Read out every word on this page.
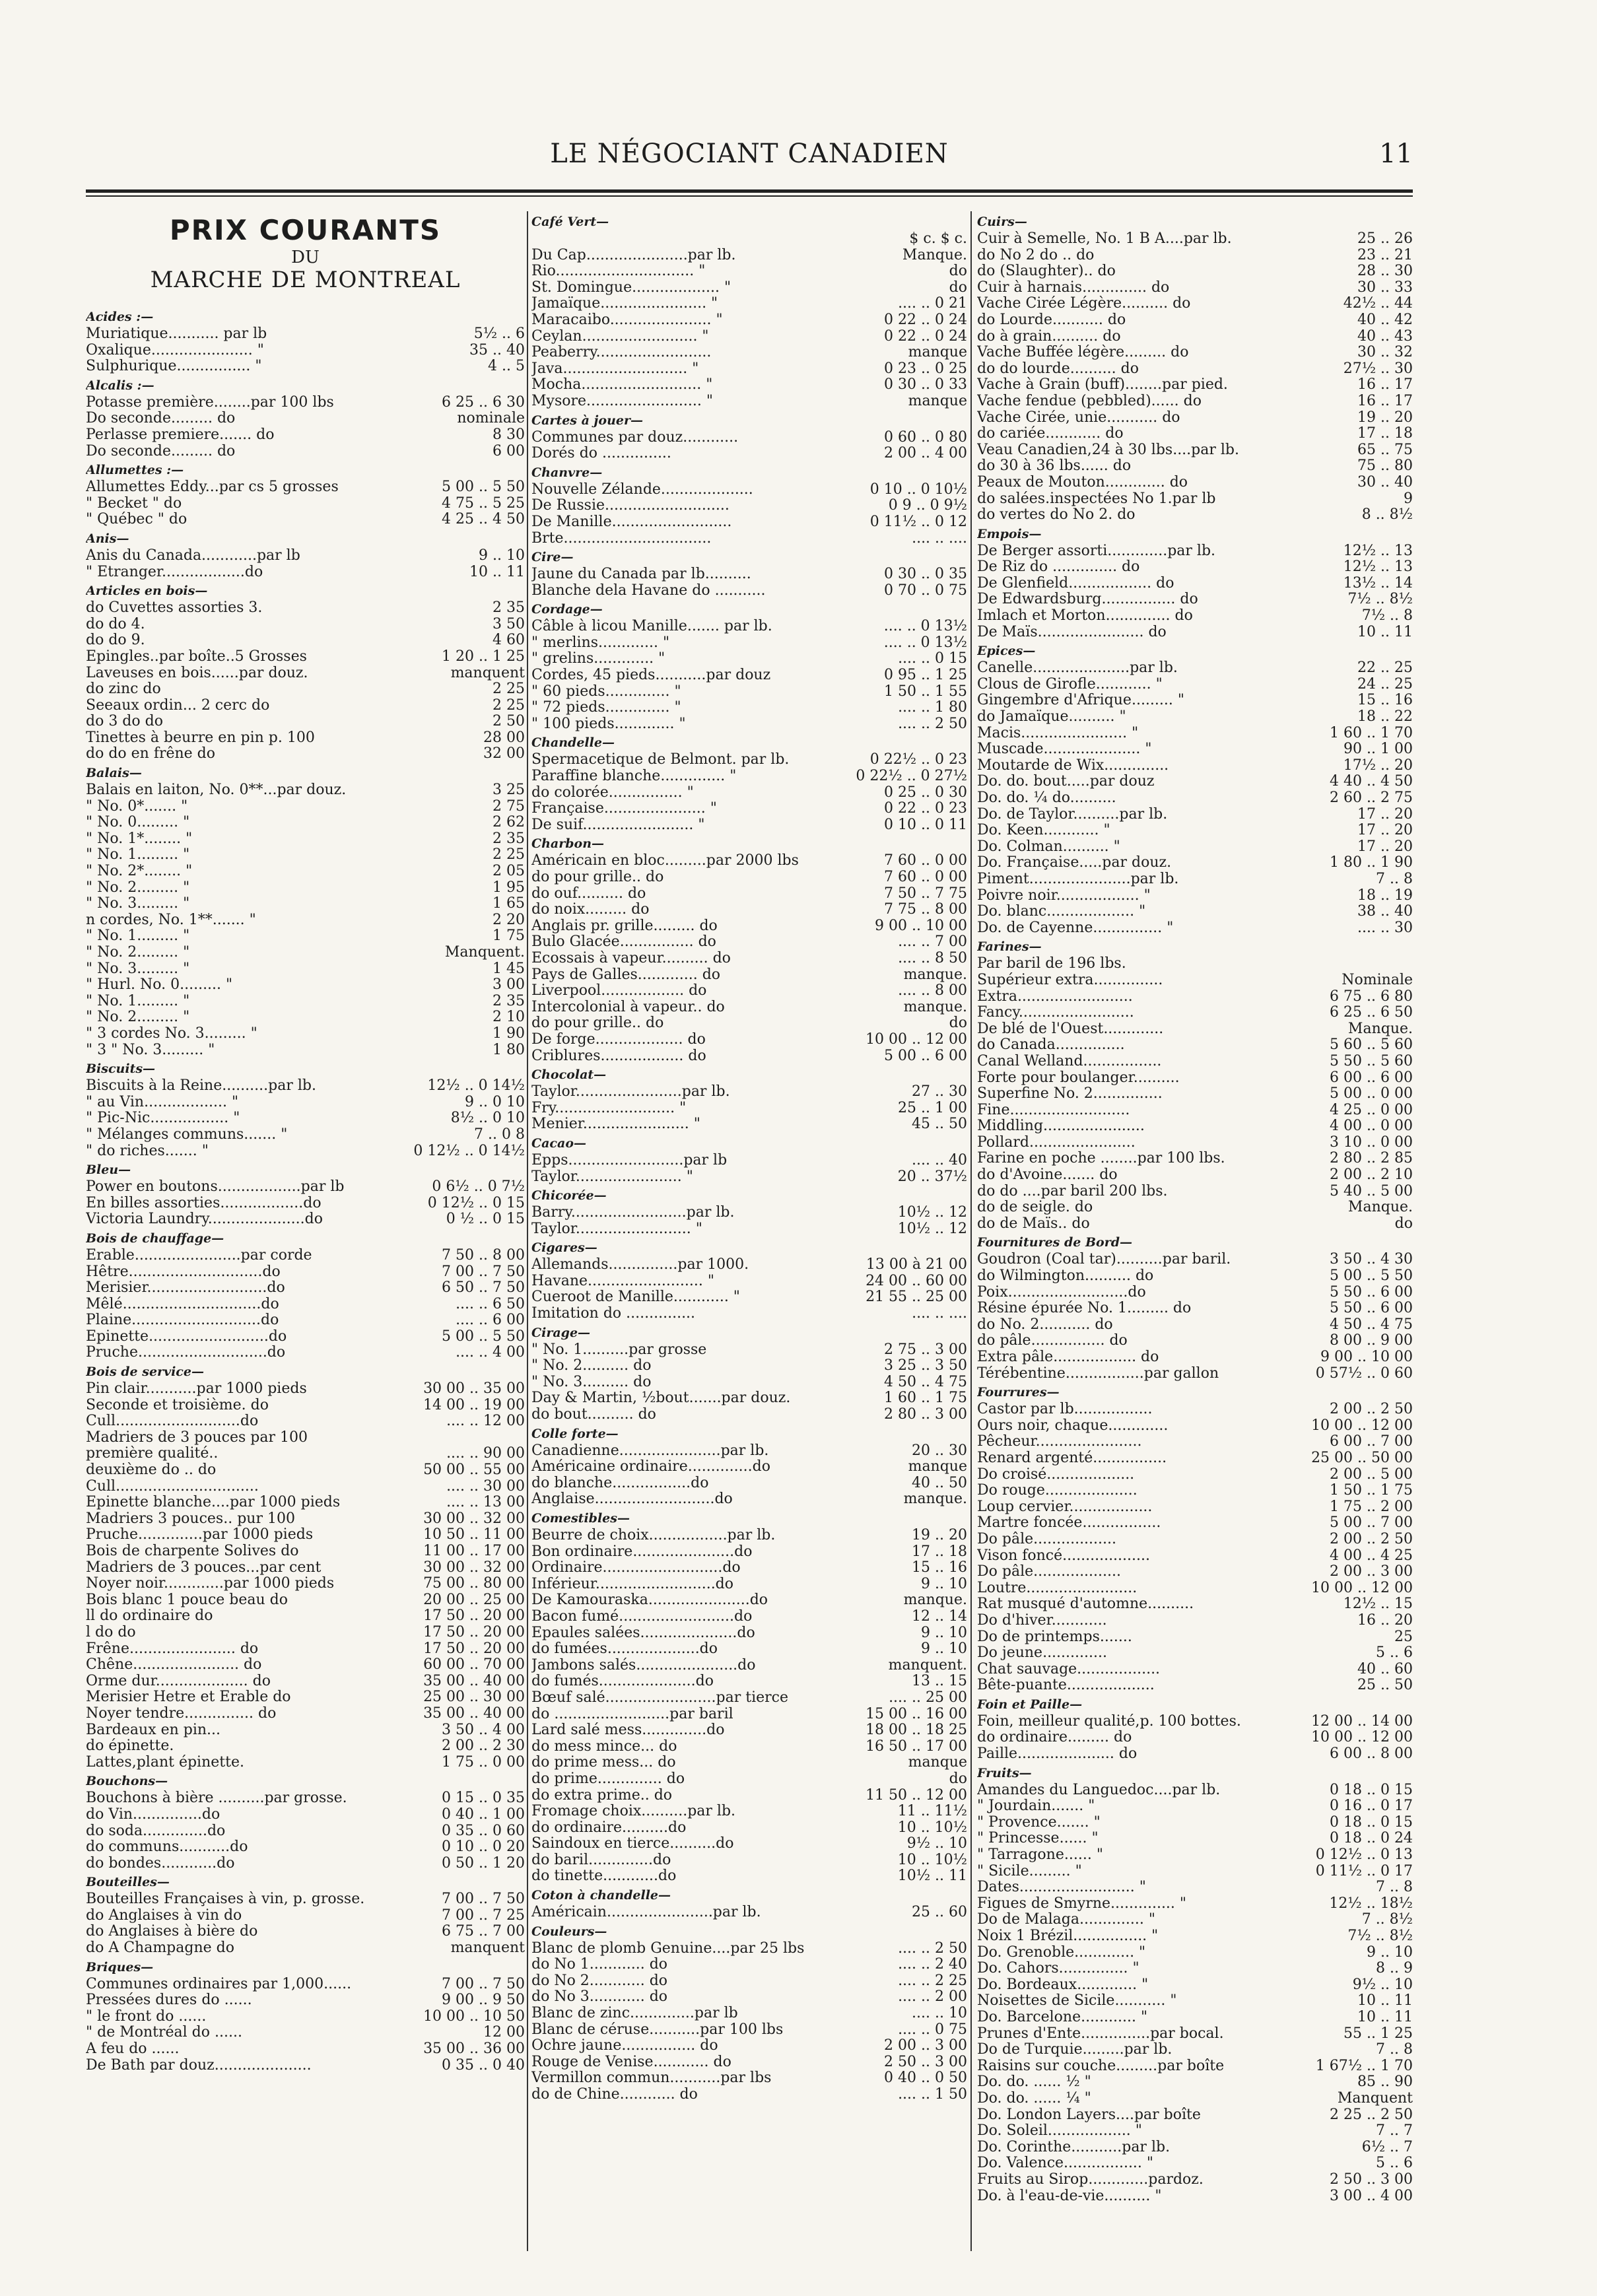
LE NÉGOCIANT CANADIEN	11
PRIX COURANTS
DU
MARCHE DE MONTREAL
Acides :—
Muriatique........... par lb	5½ .. 6
Oxalique...................... "	35 .. 40
Sulphurique................ "	4 .. 5
Alcalis :—
Potasse première........par 100 lbs	6 25 .. 6 30
Do seconde......... do	nominale
Perlasse premiere....... do	8 30
Do seconde......... do	6 00
Allumettes :—
Allumettes Eddy...par cs 5 grosses	5 00 .. 5 50
" Becket " do	4 75 .. 5 25
" Québec " do	4 25 .. 4 50
Anis—
Anis du Canada............par lb	9 .. 10
" Etranger..................do	10 .. 11
Articles en bois—
do Cuvettes assorties 3.	2 35
do do 4.	3 50
do do 9.	4 60
Epingles..par boîte..5 Grosses	1 20 .. 1 25
Laveuses en bois......par douz.	manquent
do zinc do	2 25
Seeaux ordin... 2 cerc do	2 25
do 3 do do	2 50
Tinettes à beurre en pin p. 100	28 00
do do en frêne do	32 00
Balais—
Balais en laiton, No. 0**...par douz.	3 25
" No. 0*....... "	2 75
" No. 0......... "	2 62
" No. 1*........ "	2 35
" No. 1......... "	2 25
" No. 2*........ "	2 05
" No. 2......... "	1 95
" No. 3......... "	1 65
n cordes, No. 1**....... "	2 20
" No. 1......... "	1 75
" No. 2......... "	Manquent.
" No. 3......... "	1 45
" Hurl. No. 0......... "	3 00
" No. 1......... "	2 35
" No. 2......... "	2 10
" 3 cordes No. 3......... "	1 90
" 3 " No. 3......... "	1 80
Biscuits—
Biscuits à la Reine..........par lb.	12½ .. 0 14½
" au Vin.................. "	9 .. 0 10
" Pic-Nic................. "	8½ .. 0 10
" Mélanges communs....... "	7 .. 0 8
" do riches....... "	0 12½ .. 0 14½
Bleu—
Power en boutons..................par lb	0 6½ .. 0 7½
En billes assorties..................do	0 12½ .. 0 15
Victoria Laundry.....................do	0 ½ .. 0 15
Bois de chauffage—
Erable.......................par corde	7 50 .. 8 00
Hêtre.............................do	7 00 .. 7 50
Merisier..........................do	6 50 .. 7 50
Mêlé..............................do	.... .. 6 50
Plaine............................do	.... .. 6 00
Epinette..........................do	5 00 .. 5 50
Pruche............................do	.... .. 4 00
Bois de service—
Pin clair...........par 1000 pieds	30 00 .. 35 00
Seconde et troisième. do	14 00 .. 19 00
Cull...........................do	.... .. 12 00
Madriers de 3 pouces par 100
première qualité..	.... .. 90 00
deuxième do .. do	50 00 .. 55 00
Cull...............................	.... .. 30 00
Epinette blanche....par 1000 pieds	.... .. 13 00
Madriers 3 pouces.. pur 100	30 00 .. 32 00
Pruche..............par 1000 pieds	10 50 .. 11 00
Bois de charpente Solives do	11 00 .. 17 00
Madriers de 3 pouces...par cent	30 00 .. 32 00
Noyer noir.............par 1000 pieds	75 00 .. 80 00
Bois blanc 1 pouce beau do	20 00 .. 25 00
ll do ordinaire do	17 50 .. 20 00
l do do	17 50 .. 20 00
Frêne....................... do	17 50 .. 20 00
Chêne....................... do	60 00 .. 70 00
Orme dur.................... do	35 00 .. 40 00
Merisier Hetre et Erable do	25 00 .. 30 00
Noyer tendre............... do	35 00 .. 40 00
Bardeaux en pin...	3 50 .. 4 00
do épinette.	2 00 .. 2 30
Lattes,plant épinette.	1 75 .. 0 00
Bouchons—
Bouchons à bière ..........par grosse.	0 15 .. 0 35
do Vin...............do	0 40 .. 1 00
do soda..............do	0 35 .. 0 60
do communs...........do	0 10 .. 0 20
do bondes............do	0 50 .. 1 20
Bouteilles—
Bouteilles Françaises à vin, p. grosse.	7 00 .. 7 50
do Anglaises à vin do	7 00 .. 7 25
do Anglaises à bière do	6 75 .. 7 00
do A Champagne do	manquent
Briques—
Communes ordinaires par 1,000......	7 00 .. 7 50
Pressées dures do ......	9 00 .. 9 50
" le front do ......	10 00 .. 10 50
" de Montréal do ......	12 00
A feu do ......	35 00 .. 36 00
De Bath par douz.....................	0 35 .. 0 40
Café Vert—
$ c. $ c.
Du Cap......................par lb.	Manque.
Rio.............................. "	do
St. Domingue................... "	do
Jamaïque....................... "	.... .. 0 21
Maracaibo...................... "	0 22 .. 0 24
Ceylan......................... "	0 22 .. 0 24
Peaberry.........................	manque
Java........................... "	0 23 .. 0 25
Mocha.......................... "	0 30 .. 0 33
Mysore......................... "	manque
Cartes à jouer—
Communes par douz............	0 60 .. 0 80
Dorés do ...............	2 00 .. 4 00
Chanvre—
Nouvelle Zélande....................	0 10 .. 0 10½
De Russie...........................	0 9 .. 0 9½
De Manille..........................	0 11½ .. 0 12
Brte................................	.... .. ....
Cire—
Jaune du Canada par lb..........	0 30 .. 0 35
Blanche dela Havane do ...........	0 70 .. 0 75
Cordage—
Câble à licou Manille....... par lb.	.... .. 0 13½
" merlins............. "	.... .. 0 13½
" grelins............. "	.... .. 0 15
Cordes, 45 pieds...........par douz	0 95 .. 1 25
" 60 pieds.............. "	1 50 .. 1 55
" 72 pieds.............. "	.... .. 1 80
" 100 pieds............. "	.... .. 2 50
Chandelle—
Spermacetique de Belmont. par lb.	0 22½ .. 0 23
Paraffine blanche.............. "	0 22½ .. 0 27½
do colorée................ "	0 25 .. 0 30
Française...................... "	0 22 .. 0 23
De suif........................ "	0 10 .. 0 11
Charbon—
Américain en bloc.........par 2000 lbs	7 60 .. 0 00
do pour grille.. do	7 60 .. 0 00
do ouf.......... do	7 50 .. 7 75
do noix......... do	7 75 .. 8 00
Anglais pr. grille......... do	9 00 .. 10 00
Bulo Glacée................ do	.... .. 7 00
Ecossais à vapeur.......... do	.... .. 8 50
Pays de Galles............. do	manque.
Liverpool.................. do	.... .. 8 00
Intercolonial à vapeur.. do	manque.
do pour grille.. do	do
De forge................... do	10 00 .. 12 00
Criblures.................. do	5 00 .. 6 00
Chocolat—
Taylor.......................par lb.	27 .. 30
Fry.......................... "	25 .. 1 00
Menier....................... "	45 .. 50
Cacao—
Epps.........................par lb	.... .. 40
Taylor....................... "	20 .. 37½
Chicorée—
Barry.........................par lb.	10½ .. 12
Taylor......................... "	10½ .. 12
Cigares—
Allemands...............par 1000.	13 00 à 21 00
Havane......................... "	24 00 .. 60 00
Cueroot de Manille............ "	21 55 .. 25 00
Imitation do ...............	.... .. ....
Cirage—
" No. 1..........par grosse	2 75 .. 3 00
" No. 2.......... do	3 25 .. 3 50
" No. 3.......... do	4 50 .. 4 75
Day & Martin, ½bout.......par douz.	1 60 .. 1 75
do bout.......... do	2 80 .. 3 00
Colle forte—
Canadienne......................par lb.	20 .. 30
Américaine ordinaire..............do	manque
do blanche.................do	40 .. 50
Anglaise..........................do	manque.
Comestibles—
Beurre de choix.................par lb.	19 .. 20
Bon ordinaire......................do	17 .. 18
Ordinaire..........................do	15 .. 16
Inférieur..........................do	9 .. 10
De Kamouraska......................do	manque.
Bacon fumé.........................do	12 .. 14
Epaules salées.....................do	9 .. 10
do fumées....................do	9 .. 10
Jambons salés......................do	manquent.
do fumés.....................do	13 .. 15
Bœuf salé........................par tierce	.... .. 25 00
do .........................par baril	15 00 .. 16 00
Lard salé mess..............do	18 00 .. 18 25
do mess mince... do	16 50 .. 17 00
do prime mess... do	manque
do prime.............. do	do
do extra prime.. do	11 50 .. 12 00
Fromage choix..........par lb.	11 .. 11½
do ordinaire..........do	10 .. 10½
Saindoux en tierce..........do	9½ .. 10
do baril..............do	10 .. 10½
do tinette............do	10½ .. 11
Coton à chandelle—
Américain.......................par lb.	25 .. 60
Couleurs—
Blanc de plomb Genuine....par 25 lbs	.... .. 2 50
do No 1............ do	.... .. 2 40
do No 2............ do	.... .. 2 25
do No 3............ do	.... .. 2 00
Blanc de zinc..............par lb	.... .. 10
Blanc de céruse...........par 100 lbs	.... .. 0 75
Ochre jaune................ do	2 00 .. 3 00
Rouge de Venise............ do	2 50 .. 3 00
Vermillon commun...........par lbs	0 40 .. 0 50
do de Chine............ do	.... .. 1 50
Cuirs—
Cuir à Semelle, No. 1 B A....par lb.	25 .. 26
do No 2 do .. do	23 .. 21
do (Slaughter).. do	28 .. 30
Cuir à harnais.............. do	30 .. 33
Vache Cirée Légère.......... do	42½ .. 44
do Lourde........... do	40 .. 42
do à grain.......... do	40 .. 43
Vache Buffée légère......... do	30 .. 32
do do lourde.......... do	27½ .. 30
Vache à Grain (buff)........par pied.	16 .. 17
Vache fendue (pebbled)...... do	16 .. 17
Vache Cirée, unie........... do	19 .. 20
do cariée............ do	17 .. 18
Veau Canadien,24 à 30 lbs....par lb.	65 .. 75
do 30 à 36 lbs...... do	75 .. 80
Peaux de Mouton............. do	30 .. 40
do salées.inspectées No 1.par lb	9
do vertes do No 2. do	8 .. 8½
Empois—
De Berger assorti.............par lb.	12½ .. 13
De Riz do .............. do	12½ .. 13
De Glenfield.................. do	13½ .. 14
De Edwardsburg................ do	7½ .. 8½
Imlach et Morton.............. do	7½ .. 8
De Maïs....................... do	10 .. 11
Epices—
Canelle.....................par lb.	22 .. 25
Clous de Girofle............ "	24 .. 25
Gingembre d'Afrique......... "	15 .. 16
do Jamaïque.......... "	18 .. 22
Macis....................... "	1 60 .. 1 70
Muscade..................... "	90 .. 1 00
Moutarde de Wix..............	17½ .. 20
Do. do. bout.....par douz	4 40 .. 4 50
Do. do. ¼ do..........	2 60 .. 2 75
Do. de Taylor..........par lb.	17 .. 20
Do. Keen............ "	17 .. 20
Do. Colman.......... "	17 .. 20
Do. Française.....par douz.	1 80 .. 1 90
Piment......................par lb.	7 .. 8
Poivre noir.................. "	18 .. 19
Do. blanc................... "	38 .. 40
Do. de Cayenne............... "	.... .. 30
Farines—
Par baril de 196 lbs.
Supérieur extra...............	Nominale
Extra.........................	6 75 .. 6 80
Fancy.........................	6 25 .. 6 50
De blé de l'Ouest.............	Manque.
do Canada...............	5 60 .. 5 60
Canal Welland.................	5 50 .. 5 60
Forte pour boulanger..........	6 00 .. 6 00
Superfine No. 2...............	5 00 .. 0 00
Fine..........................	4 25 .. 0 00
Middling......................	4 00 .. 0 00
Pollard.......................	3 10 .. 0 00
Farine en poche ........par 100 lbs.	2 80 .. 2 85
do d'Avoine....... do	2 00 .. 2 10
do do ....par baril 200 lbs.	5 40 .. 5 00
do de seigle. do	Manque.
do de Maïs.. do	do
Fournitures de Bord—
Goudron (Coal tar)..........par baril.	3 50 .. 4 30
do Wilmington.......... do	5 00 .. 5 50
Poix..........................do	5 50 .. 6 00
Résine épurée No. 1......... do	5 50 .. 6 00
do No. 2........... do	4 50 .. 4 75
do pâle................ do	8 00 .. 9 00
Extra pâle.................. do	9 00 .. 10 00
Térébentine.................par gallon	0 57½ .. 0 60
Fourrures—
Castor par lb.................	2 00 .. 2 50
Ours noir, chaque.............	10 00 .. 12 00
Pêcheur.......................	6 00 .. 7 00
Renard argenté................	25 00 .. 50 00
Do croisé...................	2 00 .. 5 00
Do rouge....................	1 50 .. 1 75
Loup cervier..................	1 75 .. 2 00
Martre foncée.................	5 00 .. 7 00
Do pâle..................	2 00 .. 2 50
Vison foncé...................	4 00 .. 4 25
Do pâle...................	2 00 .. 3 00
Loutre........................	10 00 .. 12 00
Rat musqué d'automne..........	12½ .. 15
Do d'hiver............	16 .. 20
Do de printemps.......	25
Do jeune..............	5 .. 6
Chat sauvage..................	40 .. 60
Bête-puante...................	25 .. 50
Foin et Paille—
Foin, meilleur qualité,p. 100 bottes.	12 00 .. 14 00
do ordinaire......... do	10 00 .. 12 00
Paille..................... do	6 00 .. 8 00
Fruits—
Amandes du Languedoc....par lb.	0 18 .. 0 15
" Jourdain....... "	0 16 .. 0 17
" Provence....... "	0 18 .. 0 15
" Princesse...... "	0 18 .. 0 24
" Tarragone...... "	0 12½ .. 0 13
" Sicile......... "	0 11½ .. 0 17
Dates......................... "	7 .. 8
Figues de Smyrne.............. "	12½ .. 18½
Do de Malaga.............. "	7 .. 8½
Noix 1 Brézil................ "	7½ .. 8½
Do. Grenoble............. "	9 .. 10
Do. Cahors............... "	8 .. 9
Do. Bordeaux............. "	9½ .. 10
Noisettes de Sicile........... "	10 .. 11
Do. Barcelone............ "	10 .. 11
Prunes d'Ente...............par bocal.	55 .. 1 25
Do de Turquie.........par lb.	7 .. 8
Raisins sur couche.........par boîte	1 67½ .. 1 70
Do. do. ...... ½ "	85 .. 90
Do. do. ...... ¼ "	Manquent
Do. London Layers....par boîte	2 25 .. 2 50
Do. Soleil.................. "	7 .. 7
Do. Corinthe...........par lb.	6½ .. 7
Do. Valence................. "	5 .. 6
Fruits au Sirop.............pardoz.	2 50 .. 3 00
Do. à l'eau-de-vie.......... "	3 00 .. 4 00
